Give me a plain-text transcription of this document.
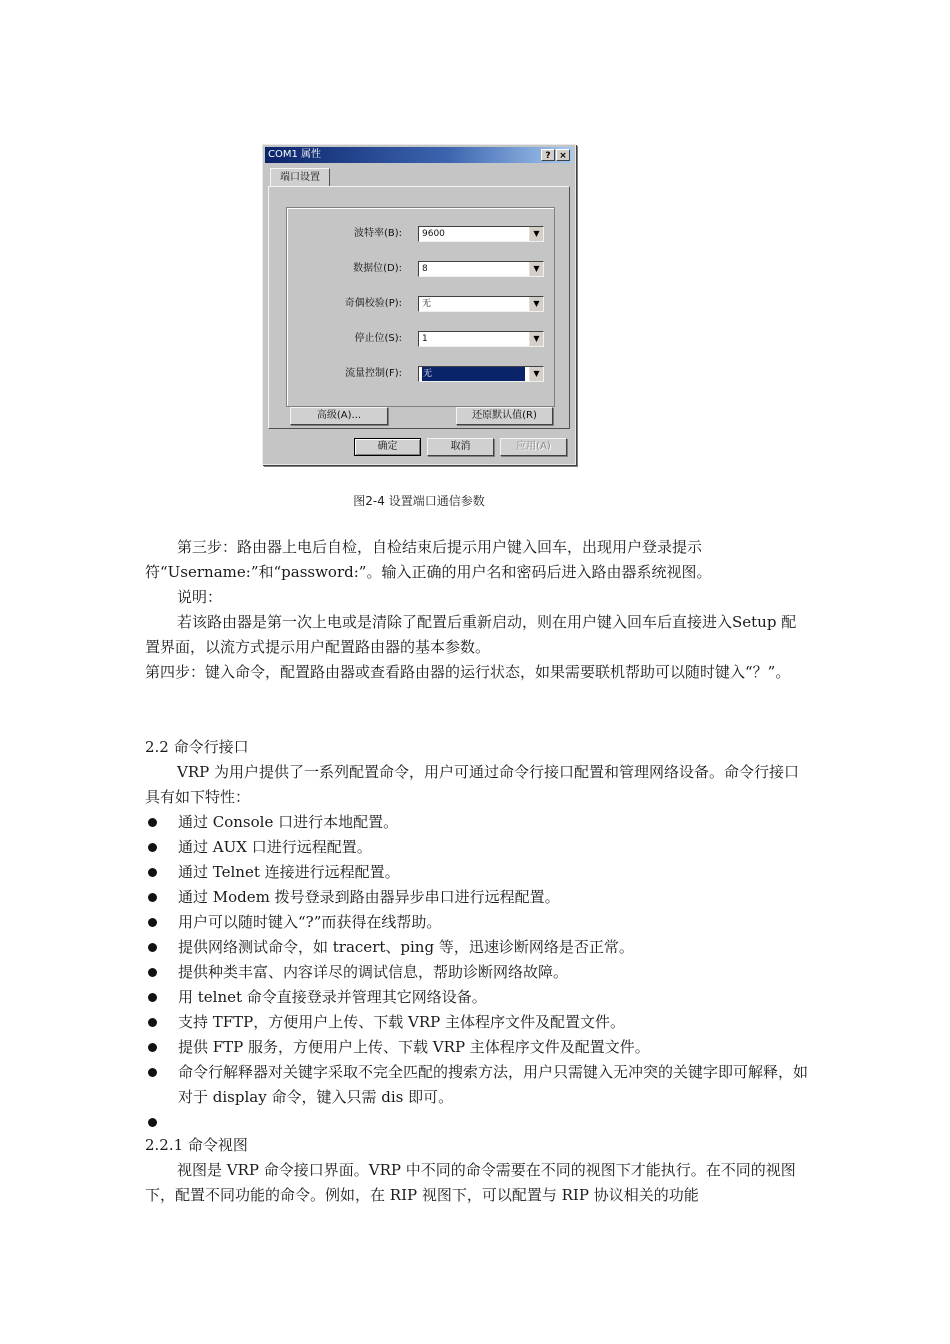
COM1 属性	? ×
端口设置
波特率(B):	9600	▼
数据位(D):	8	▼
奇偶校验(P):	无	▼
停止位(S):	1	▼
流量控制(F):	无	▼
高级(A)...	还原默认值(R)
确定	取消	应用(A)
图2-4 设置端口通信参数

第三步：路由器上电后自检，自检结束后提示用户键入回车，出现用户登录提示符“Username:”和“password:”。输入正确的用户名和密码后进入路由器系统视图。

说明：

若该路由器是第一次上电或是清除了配置后重新启动，则在用户键入回车后直接进入Setup 配置界面，以流方式提示用户配置路由器的基本参数。

第四步：键入命令，配置路由器或查看路由器的运行状态，如果需要联机帮助可以随时键入“？”。

2.2 命令行接口

VRP 为用户提供了一系列配置命令，用户可通过命令行接口配置和管理网络设备。命令行接口具有如下特性：

通过 Console 口进行本地配置。
通过 AUX 口进行远程配置。
通过 Telnet 连接进行远程配置。
通过 Modem 拨号登录到路由器异步串口进行远程配置。
用户可以随时键入“?”而获得在线帮助。
提供网络测试命令，如 tracert、ping 等，迅速诊断网络是否正常。
提供种类丰富、内容详尽的调试信息，帮助诊断网络故障。
用 telnet 命令直接登录并管理其它网络设备。
支持 TFTP，方便用户上传、下载 VRP 主体程序文件及配置文件。
提供 FTP 服务，方便用户上传、下载 VRP 主体程序文件及配置文件。
命令行解释器对关键字采取不完全匹配的搜索方法，用户只需键入无冲突的关键字即可解释，如对于 display 命令，键入只需 dis 即可。

2.2.1 命令视图

视图是 VRP 命令接口界面。VRP 中不同的命令需要在不同的视图下才能执行。在不同的视图下，配置不同功能的命令。例如，在 RIP 视图下，可以配置与 RIP 协议相关的功能
